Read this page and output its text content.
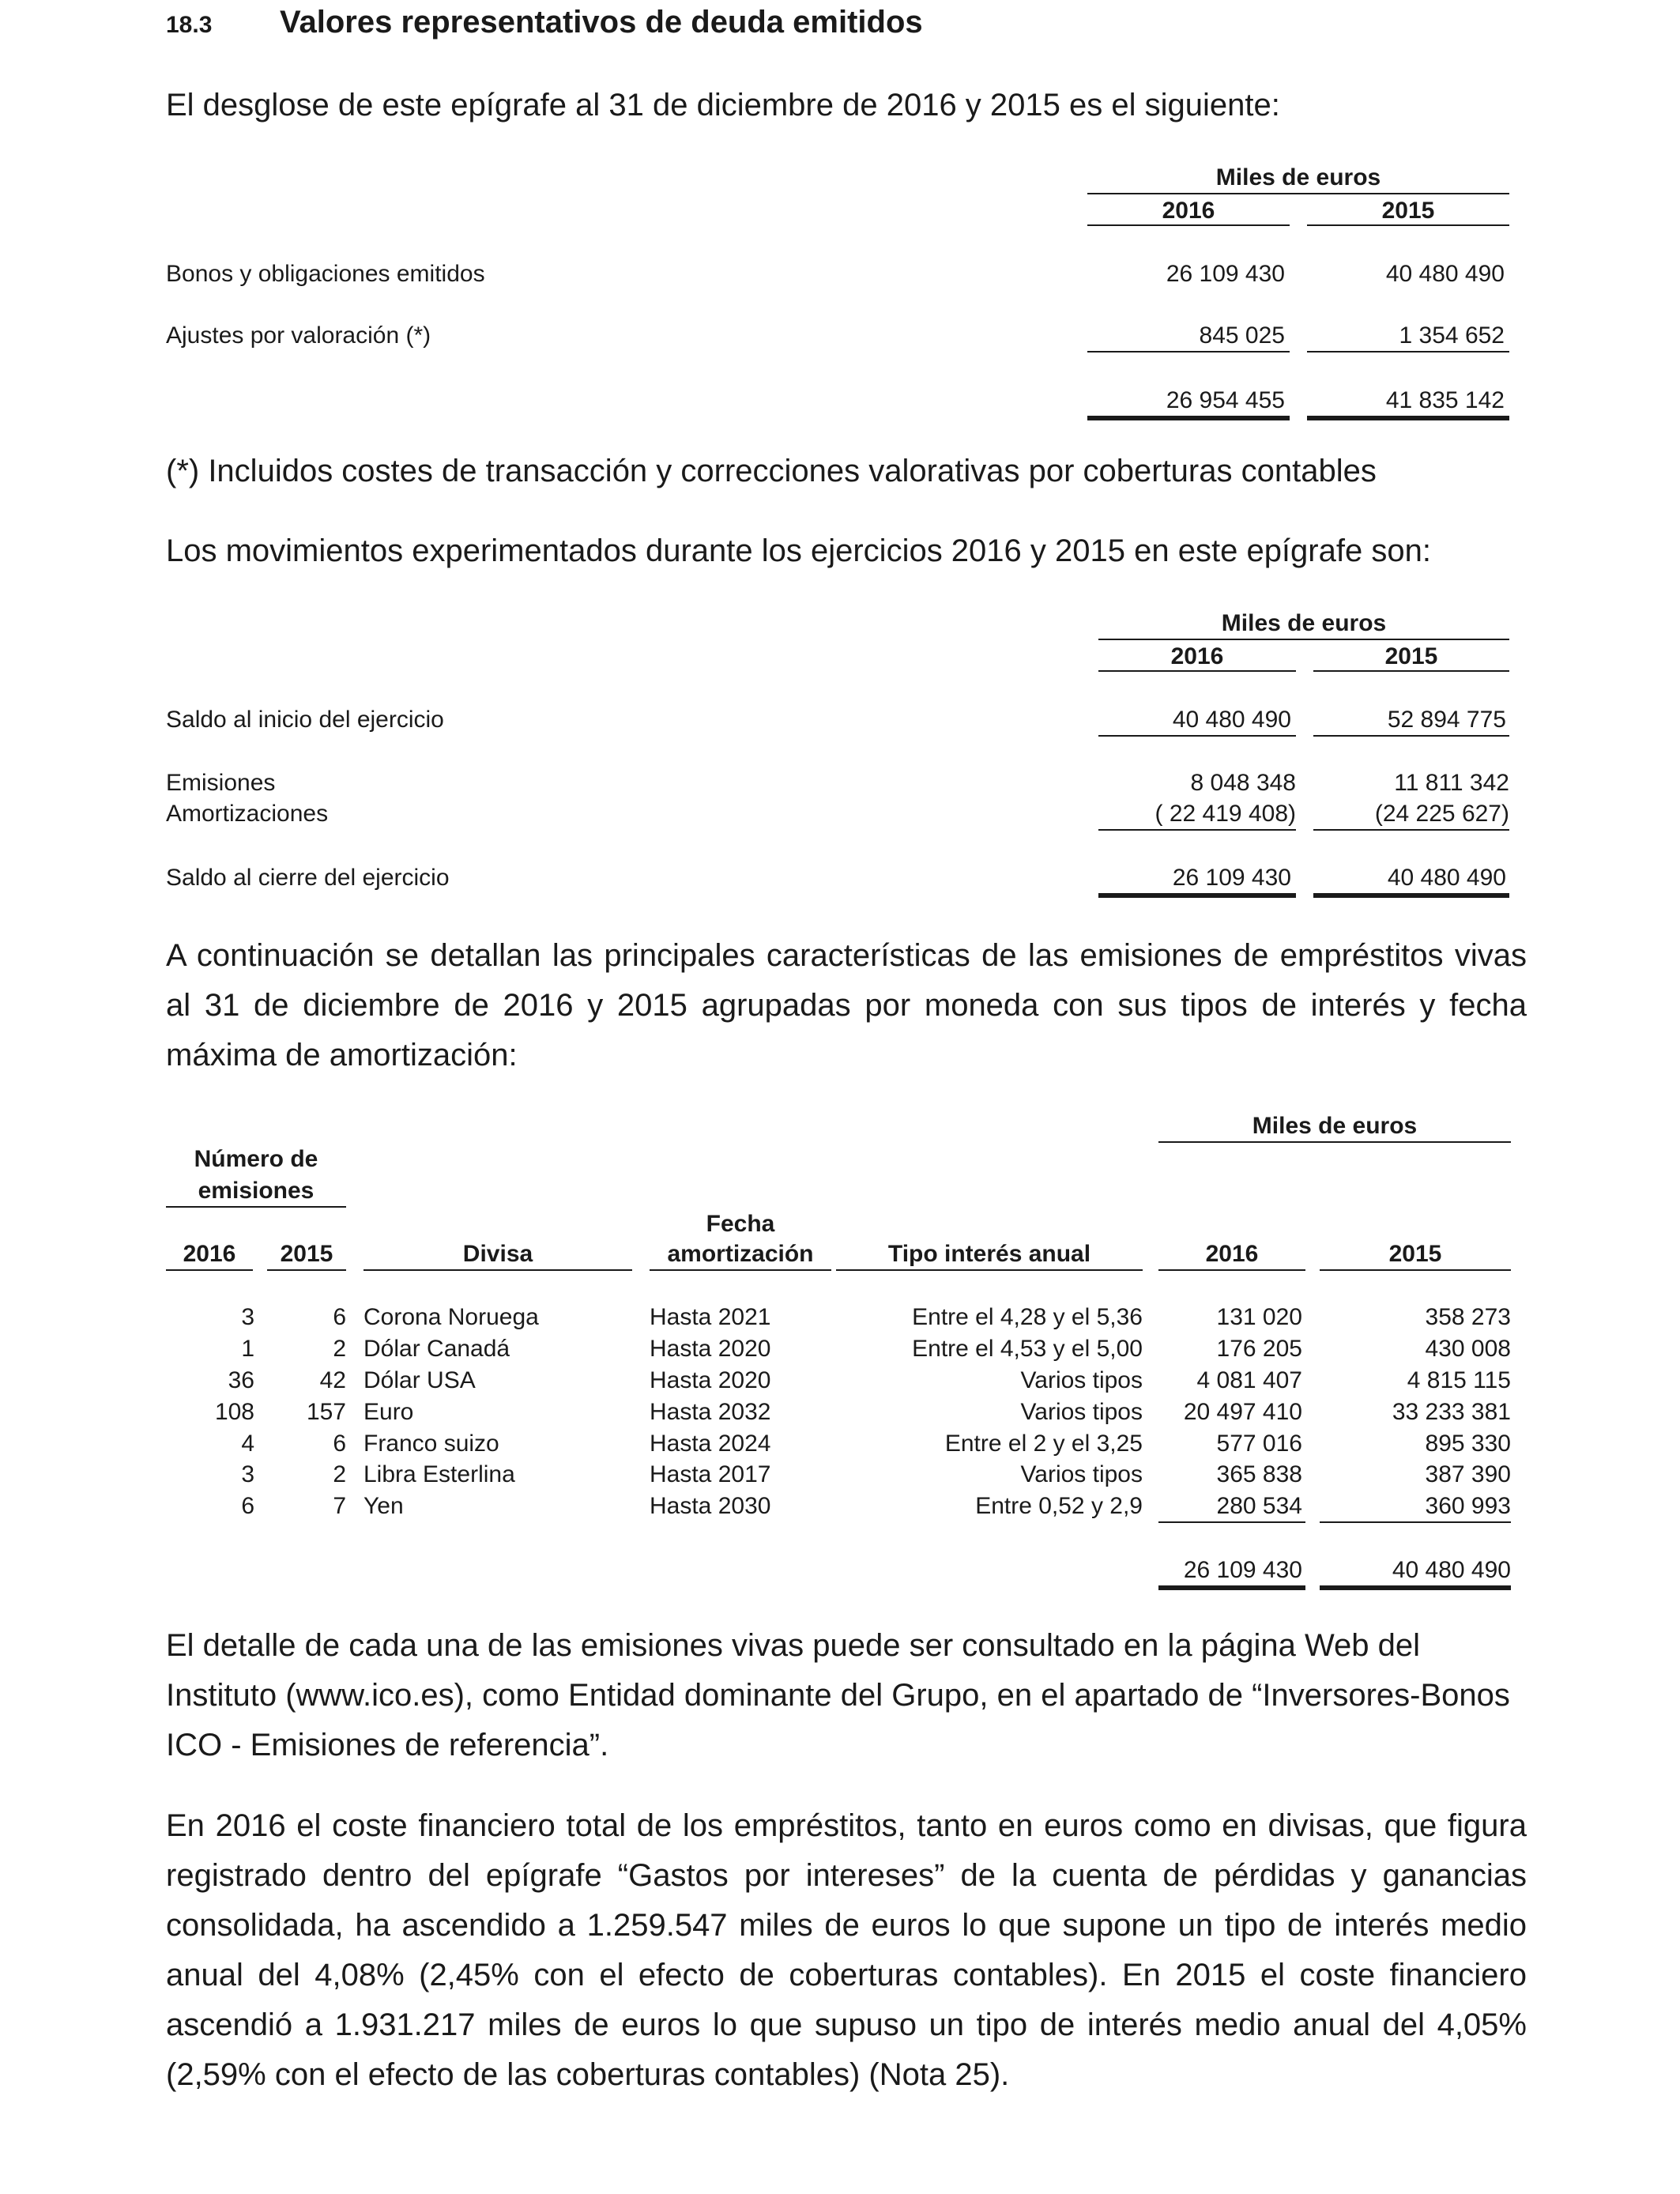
18.3 Valores representativos de deuda emitidos
El desglose de este epígrafe al 31 de diciembre de 2016 y 2015 es el siguiente:
Miles de euros
2016	2015
Bonos y obligaciones emitidos	26 109 430	40 480 490
Ajustes por valoración (*)	845 025	1 354 652
26 954 455	41 835 142
(*) Incluidos costes de transacción y correcciones valorativas por coberturas contables
Los movimientos experimentados durante los ejercicios 2016 y 2015 en este epígrafe son:
Miles de euros
2016	2015
Saldo al inicio del ejercicio	40 480 490	52 894 775
Emisiones	8 048 348	11 811 342
Amortizaciones	( 22 419 408)	(24 225 627)
Saldo al cierre del ejercicio	26 109 430	40 480 490
A continuación se detallan las principales características de las emisiones de empréstitos vivas al 31 de diciembre de 2016 y 2015 agrupadas por moneda con sus tipos de interés y fecha máxima de amortización:
Miles de euros
Número de
emisiones
Fecha
amortización
2016	2015	Divisa	Tipo interés anual	2016	2015
3	6 Corona Noruega	Hasta 2021	Entre el 4,28 y el 5,36	131 020	358 273
1	2 Dólar Canadá	Hasta 2020	Entre el 4,53 y el 5,00	176 205	430 008
36	42 Dólar USA	Hasta 2020	Varios tipos	4 081 407	4 815 115
108	157 Euro	Hasta 2032	Varios tipos	20 497 410	33 233 381
4	6 Franco suizo	Hasta 2024	Entre el 2 y el 3,25	577 016	895 330
3	2 Libra Esterlina	Hasta 2017	Varios tipos	365 838	387 390
6	7 Yen	Hasta 2030	Entre 0,52 y 2,9	280 534	360 993
26 109 430	40 480 490
El detalle de cada una de las emisiones vivas puede ser consultado en la página Web del Instituto (www.ico.es), como Entidad dominante del Grupo, en el apartado de “Inversores-Bonos ICO - Emisiones de referencia”.
En 2016 el coste financiero total de los empréstitos, tanto en euros como en divisas, que figura registrado dentro del epígrafe “Gastos por intereses” de la cuenta de pérdidas y ganancias consolidada, ha ascendido a 1.259.547 miles de euros lo que supone un tipo de interés medio anual del 4,08% (2,45% con el efecto de coberturas contables). En 2015 el coste financiero ascendió a 1.931.217 miles de euros lo que supuso un tipo de interés medio anual del 4,05% (2,59% con el efecto de las coberturas contables) (Nota 25).
